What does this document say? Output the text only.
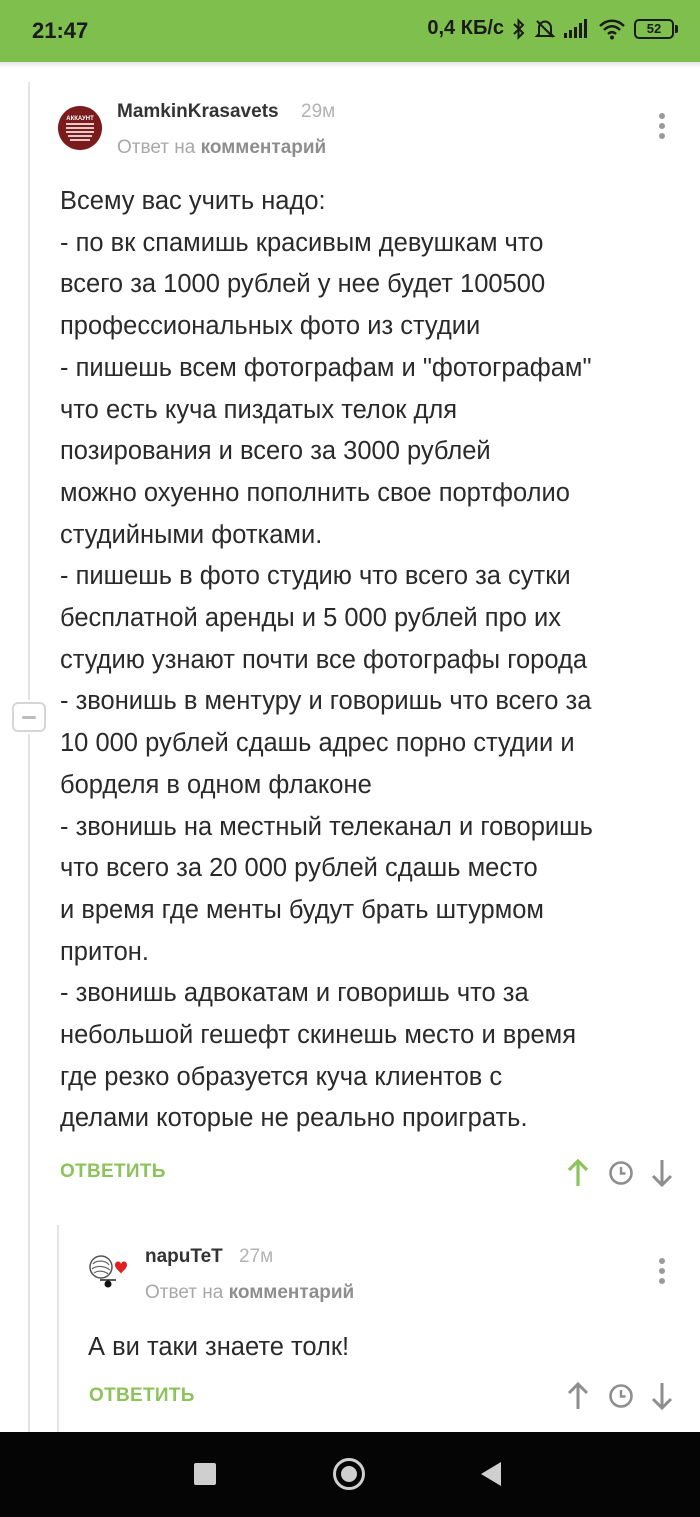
21:47	0,4 КБ/с	52
АККАУНТ MamkinKrasavets 29м
Ответ на комментарий
Всему вас учить надо:
- по вк спамишь красивым девушкам что
всего за 1000 рублей у нее будет 100500
профессиональных фото из студии
- пишешь всем фотографам и "фотографам"
что есть куча пиздатых телок для
позирования и всего за 3000 рублей
можно охуенно пополнить свое портфолио
студийными фотками.
- пишешь в фото студию что всего за сутки
бесплатной аренды и 5 000 рублей про их
студию узнают почти все фотографы города
- звонишь в ментуру и говоришь что всего за
10 000 рублей сдашь адрес порно студии и
борделя в одном флаконе
- звонишь на местный телеканал и говоришь
что всего за 20 000 рублей сдашь место
и время где менты будут брать штурмом
притон.
- звонишь адвокатам и говоришь что за
небольшой гешефт скинешь место и время
где резко образуется куча клиентов с
делами которые не реально проиграть.
ОТВЕТИТЬ
napuTeT 27м
Ответ на комментарий
А ви таки знаете толк!
ОТВЕТИТЬ
